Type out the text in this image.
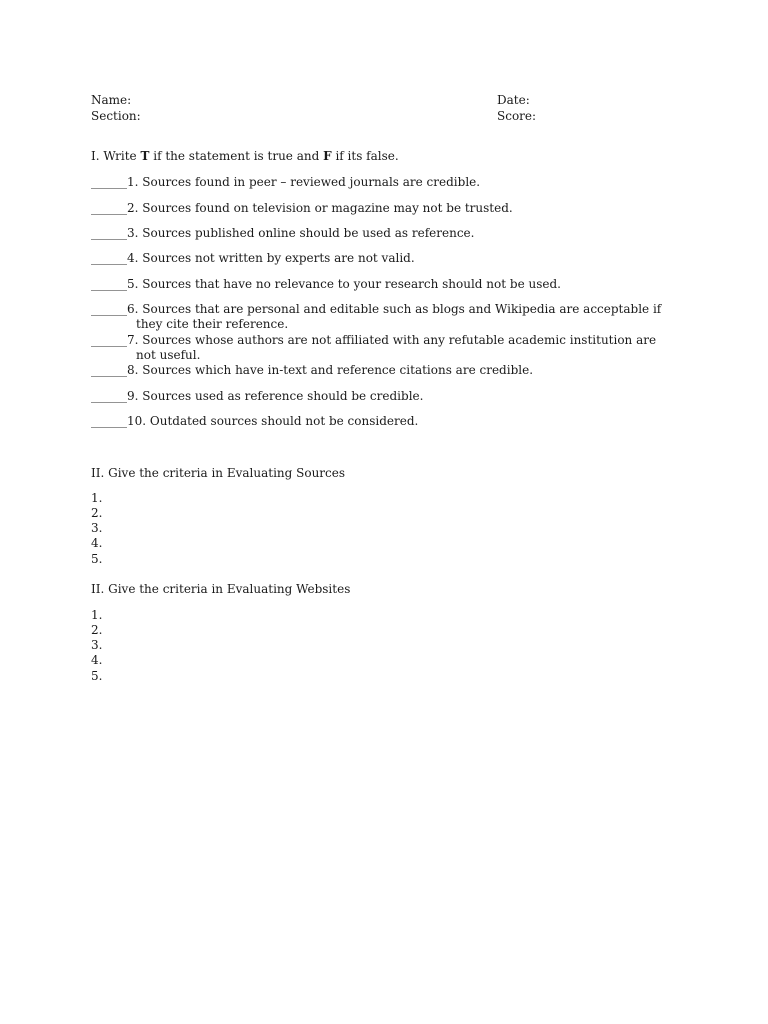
Name:
Section:
Date:
Score:
I. Write T if the statement is true and F if its false.
______1. Sources found in peer – reviewed journals are credible.
______2. Sources found on television or magazine may not be trusted.
______3. Sources published online should be used as reference.
______4. Sources not written by experts are not valid.
______5. Sources that have no relevance to your research should not be used.
______6. Sources that are personal and editable such as blogs and Wikipedia are acceptable if
they cite their reference.
______7. Sources whose authors are not affiliated with any refutable academic institution are
not useful.
______8. Sources which have in-text and reference citations are credible.
______9. Sources used as reference should be credible.
______10. Outdated sources should not be considered.
II. Give the criteria in Evaluating Sources
1.
2.
3.
4.
5.
II. Give the criteria in Evaluating Websites
1.
2.
3.
4.
5.
